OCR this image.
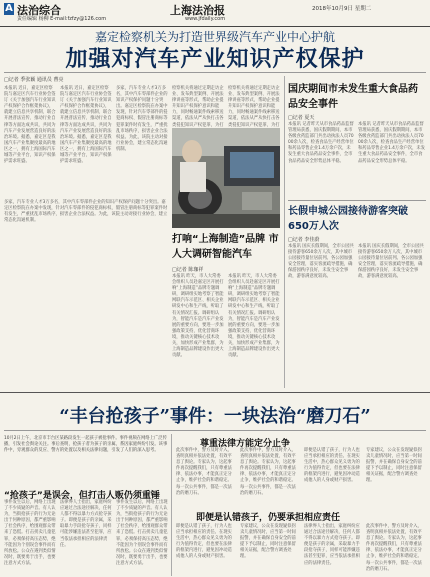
A 法治综合
责任编辑 杨柳 E-mail:fzfzy@126.com
上海法治报
www.jfdaily.com
2018年10月9日 星期二
嘉定检察机关为打造世界级汽车产业中心护航
加强对汽车产业知识产权保护
□记者 季张颖 通讯员 曹亮
本报讯 近日，嘉定区检察院与嘉定区汽车行业协会签订《关于加强汽车行业知识产权保护合作框架协议》，就建立信息共享机制、联合开展普法宣传、推动行业自律等方面达成共识，共同为汽车产业发展营造良好的法治环境。据悉，嘉定区是我国汽车产业集聚度最高的地区之一，拥有上海国际汽车城等产业平台，知识产权保护需求旺盛。
本报讯 近日，嘉定区检察院与嘉定区汽车行业协会签订《关于加强汽车行业知识产权保护合作框架协议》，就建立信息共享机制、联合开展普法宣传、推动行业自律等方面达成共识，共同为汽车产业发展营造良好的法治环境。据悉，嘉定区是我国汽车产业集聚度最高的地区之一，拥有上海国际汽车城等产业平台，知识产权保护需求旺盛。
多家，汽车专业人才3万多名，其中汽车零部件企业的知识产权保护问题十分突出。嘉定区检察院在办案中发现，针对汽车零部件的侵犯商标权、假冒注册商标等犯罪案件时有发生，严重扰乱市场秩序，损害企业合法权益。为此，该院主动对接行业协会，建立常态化沟通机制。
检察机关将通过定期走访企业、发布典型案例、开展法律讲座等形式，帮助企业提升知识产权保护意识和能力，同时畅通案件线索移送渠道，依法从严从快打击各类侵犯知识产权犯罪，为打
检察机关将通过定期走访企业、发布典型案例、开展法律讲座等形式，帮助企业提升知识产权保护意识和能力，同时畅通案件线索移送渠道，依法从严从快打击各类侵犯知识产权犯罪，为打
打响“上海制造”品牌 市人大调研智能汽车
□记者 陈珈祥
本报讯 昨天，市人大常委会组织人员赴嘉定区开展打响“上海制造”品牌专题调研，调研组实地考察了智能网联汽车示范区、相关企业研发中心和生产线，听取了有关情况汇报。调研组认为，智能汽车是汽车产业发展的重要方向，要进一步加强政策支持，优化营商环境，推动关键核心技术攻关，加快形成产业集群，为上海制造品牌建设作出更大贡献。
本报讯 昨天，市人大常委会组织人员赴嘉定区开展打响“上海制造”品牌专题调研，调研组实地考察了智能网联汽车示范区、相关企业研发中心和生产线，听取了有关情况汇报。调研组认为，智能汽车是汽车产业发展的重要方向，要进一步加强政策支持，优化营商环境，推动关键核心技术攻关，加快形成产业集群，为上海制造品牌建设作出更大贡献。
多家，汽车专业人才3万多名，其中汽车零部件企业的知识产权保护问题十分突出。嘉定区检察院在办案中发现，针对汽车零部件的侵犯商标权、假冒注册商标等犯罪案件时有发生，严重扰乱市场秩序，损害企业合法权益。为此，该院主动对接行业协会，建立常态化沟通机制。
国庆期间市未发生重大食品药品安全事件
□记者 夏天
本报讯 记者昨天从市食品药品监督管理局获悉，国庆假期期间，本市各级食药监部门共出动执法人员7000余人次，检查食品生产经营单位和药品零售企业1.4万余户次，未发生重大食品药品安全事件，全市食品药品安全形势总体平稳。
本报讯 记者昨天从市食品药品监督管理局获悉，国庆假期期间，本市各级食药监部门共出动执法人员7000余人次，检查食品生产经营单位和药品零售企业1.4万余户次，未发生重大食品药品安全事件，全市食品药品安全形势总体平稳。
长假申城公园接待游客突破650万人次
□记者 李佳蔚
本报讯 国庆长假期间，全市公园共接待游客650余万人次，其中城市公园接待量位居前列。各公园加强安全管理，落实客流疏导措施，确保游园秩序良好，未发生安全事故，游客满意度较高。
本报讯 国庆长假期间，全市公园共接待游客650余万人次，其中城市公园接待量位居前列。各公园加强安全管理，落实客流疏导措施，确保游园秩序良好，未发生安全事故，游客满意度较高。
“丰台抢孩子”事件：一块法治“磨刀石”
10月2日上午，北京市丰台区某路段发生一起孩子被抢事件。事件视频在网络上广泛传播，引发社会舆论关注。事后查明，抢孩子者为孩子的亲属，系因家庭纠纷引发。该事件中，旁观群众的反应、警方的处置以及相关法律问题，引发了人们的深入思考。
“抢孩子”是误会，但打击人贩仍须重锤
事件发生以后，网络上出现了不少质疑的声音。有人认为，当街抢孩子的行为无论出于何种原因，都严重影响了社会秩序，给围观群众带来了恐慌。打击拐卖儿童犯罪，必须保持高压态势，绝不能因为个别误会事件而有所放松。公众在遇到类似情况时，既要勇于出手，也要注意方式方法。
法律界人士指出，家庭纠纷应通过合法途径解决，任何人都不得以暴力方式抢夺孩子。即便是孩子的亲属，采取暴力手段抢夺孩子，同样可能涉嫌违法甚至犯罪，应当依法承担相应的法律责任。
事件发生以后，网络上出现了不少质疑的声音。有人认为，当街抢孩子的行为无论出于何种原因，都严重影响了社会秩序，给围观群众带来了恐慌。打击拐卖儿童犯罪，必须保持高压态势，绝不能因为个别误会事件而有所放松。公众在遇到类似情况时，既要勇于出手，也要注意方式方法。
尊重法律方能定分止争
此次事件中，警方及时介入，查明真相并依法处置，有效平息了舆论。专家认为，这起事件再次提醒我们，只有尊重法律、依法办事，才能真正定分止争，维护社会的和谐稳定。每一次公共事件，都是一次法治的磨刀石。
此次事件中，警方及时介入，查明真相并依法处置，有效平息了舆论。专家认为，这起事件再次提醒我们，只有尊重法律、依法办事，才能真正定分止争，维护社会的和谐稳定。每一次公共事件，都是一次法治的磨刀石。
即便是认错了孩子，行为人也应当承担相应的责任。在现实生活中，热心群众见义勇为的行为值得肯定，但也要在法律的框架内进行，避免因冲动造成他人的人身或财产损害。
专家建议，公众在发现疑似拐卖儿童情况时，应当第一时间报警，并在确保自身安全的前提下予以制止，同时注意保留相关证据，配合警方调查处理。
即便是认错孩子，仍要承担相应责任
即便是认错了孩子，行为人也应当承担相应的责任。在现实生活中，热心群众见义勇为的行为值得肯定，但也要在法律的框架内进行，避免因冲动造成他人的人身或财产损害。
专家建议，公众在发现疑似拐卖儿童情况时，应当第一时间报警，并在确保自身安全的前提下予以制止，同时注意保留相关证据，配合警方调查处理。
法律界人士指出，家庭纠纷应通过合法途径解决，任何人都不得以暴力方式抢夺孩子。即便是孩子的亲属，采取暴力手段抢夺孩子，同样可能涉嫌违法甚至犯罪，应当依法承担相应的法律责任。
此次事件中，警方及时介入，查明真相并依法处置，有效平息了舆论。专家认为，这起事件再次提醒我们，只有尊重法律、依法办事，才能真正定分止争，维护社会的和谐稳定。每一次公共事件，都是一次法治的磨刀石。
